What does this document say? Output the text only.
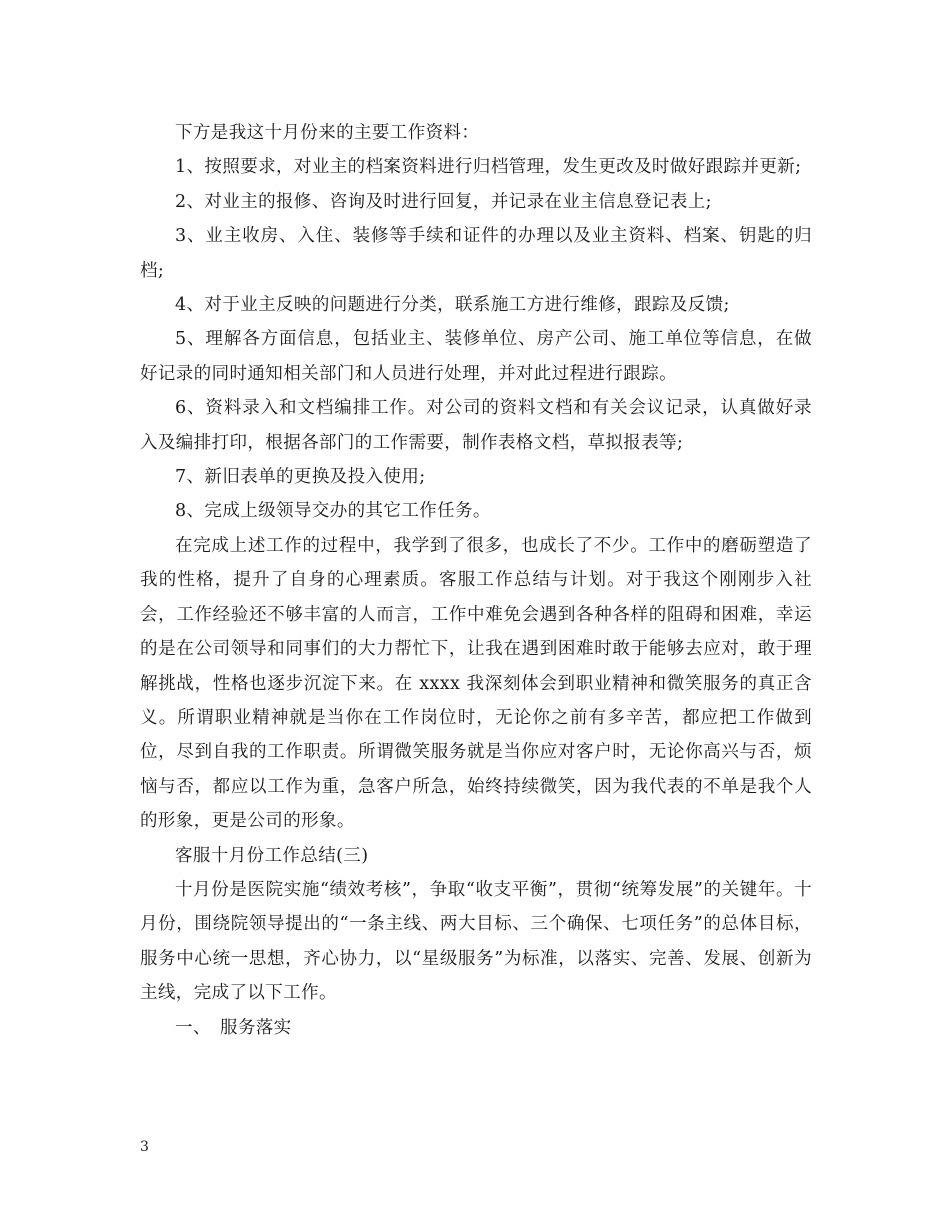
下方是我这十月份来的主要工作资料：

1、按照要求，对业主的档案资料进行归档管理，发生更改及时做好跟踪并更新;

2、对业主的报修、咨询及时进行回复，并记录在业主信息登记表上;

3、业主收房、入住、装修等手续和证件的办理以及业主资料、档案、钥匙的归档;

4、对于业主反映的问题进行分类，联系施工方进行维修，跟踪及反馈;

5、理解各方面信息，包括业主、装修单位、房产公司、施工单位等信息，在做好记录的同时通知相关部门和人员进行处理，并对此过程进行跟踪。

6、资料录入和文档编排工作。对公司的资料文档和有关会议记录，认真做好录入及编排打印，根据各部门的工作需要，制作表格文档，草拟报表等;

7、新旧表单的更换及投入使用;

8、完成上级领导交办的其它工作任务。

在完成上述工作的过程中，我学到了很多，也成长了不少。工作中的磨砺塑造了我的性格，提升了自身的心理素质。客服工作总结与计划。对于我这个刚刚步入社会，工作经验还不够丰富的人而言，工作中难免会遇到各种各样的阻碍和困难，幸运的是在公司领导和同事们的大力帮忙下，让我在遇到困难时敢于能够去应对，敢于理解挑战，性格也逐步沉淀下来。在 xxxx 我深刻体会到职业精神和微笑服务的真正含义。所谓职业精神就是当你在工作岗位时，无论你之前有多辛苦，都应把工作做到位，尽到自我的工作职责。所谓微笑服务就是当你应对客户时，无论你高兴与否，烦恼与否，都应以工作为重，急客户所急，始终持续微笑，因为我代表的不单是我个人的形象，更是公司的形象。

客服十月份工作总结(三)

十月份是医院实施“绩效考核”，争取“收支平衡”，贯彻“统筹发展”的关键年。十月份，围绕院领导提出的“一条主线、两大目标、三个确保、七项任务”的总体目标，服务中心统一思想，齐心协力，以“星级服务”为标准，以落实、完善、发展、创新为主线，完成了以下工作。

一、　服务落实

3
